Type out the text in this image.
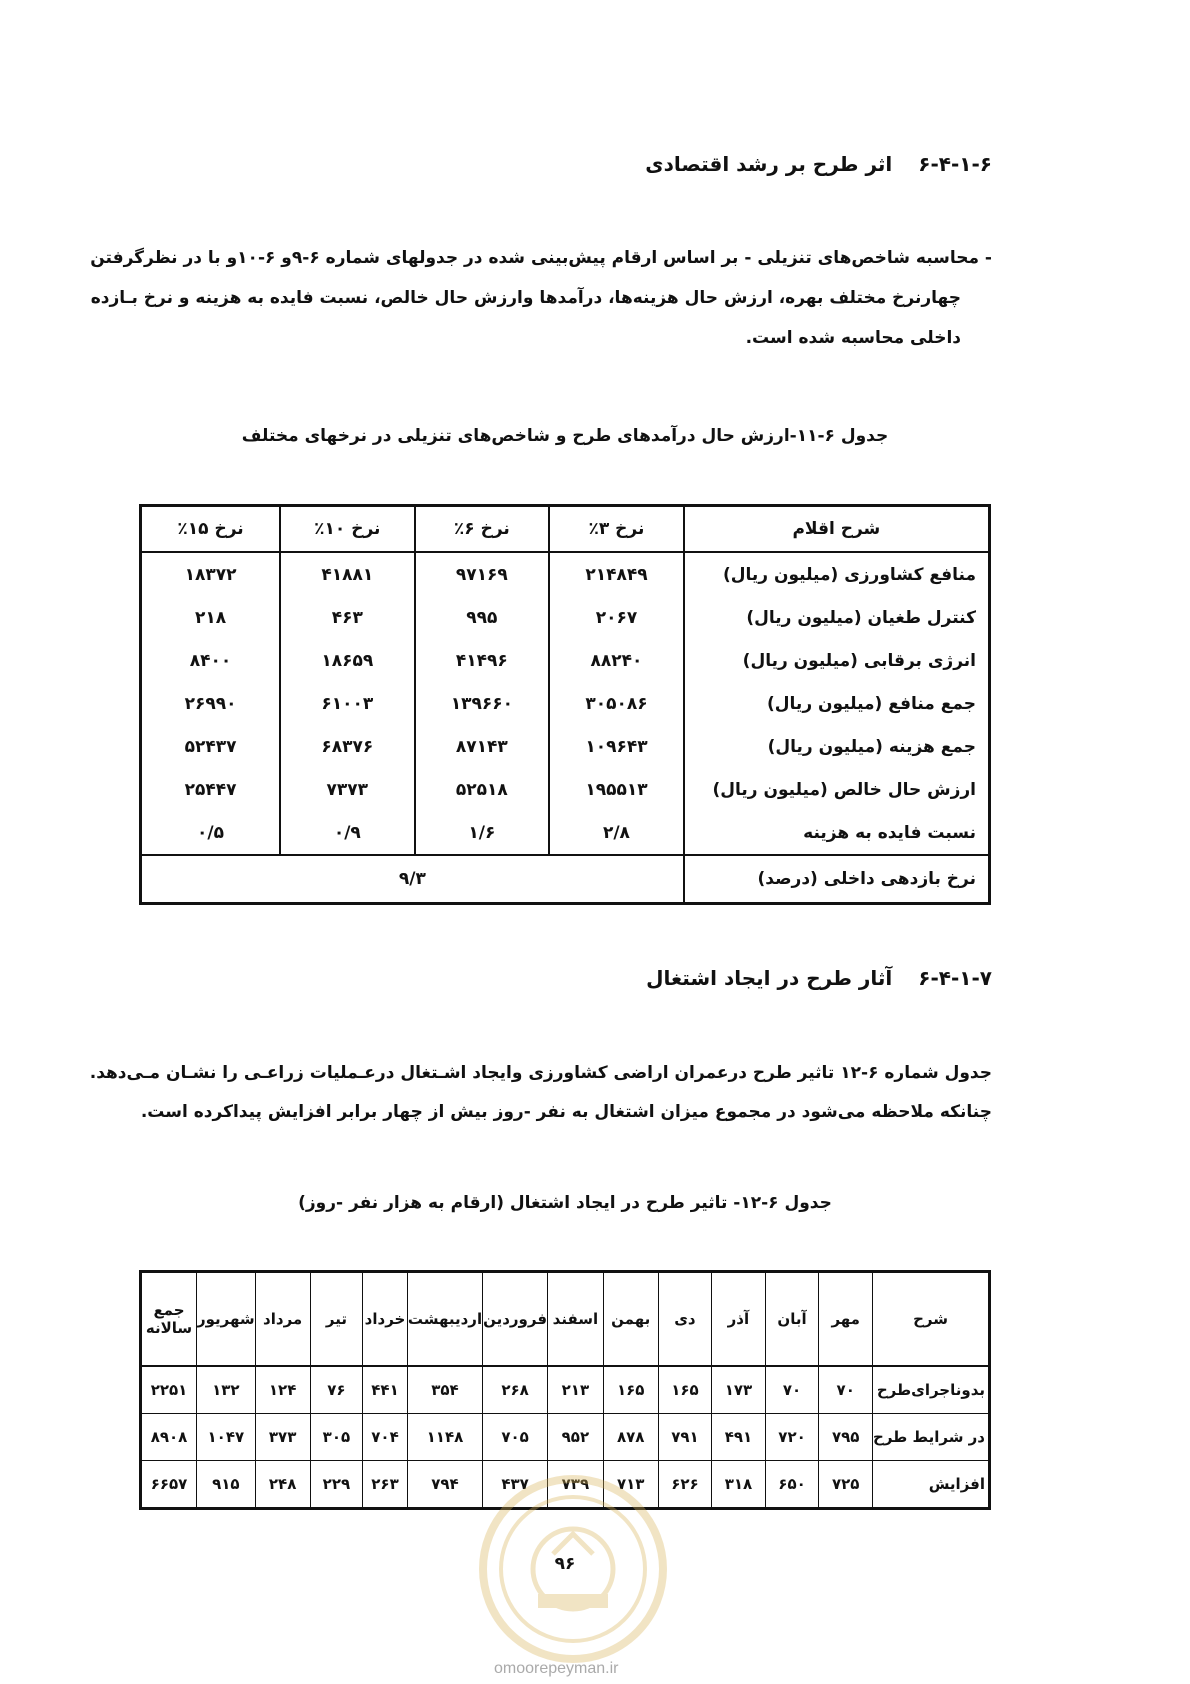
۶-۴-۱-۶اثر طرح بر رشد اقتصادی
- محاسبه شاخص‌های تنزیلی - بر اساس ارقام پیش‌بینی شده در جدولهای شماره ۶-۹و ۶-۱۰و با در نظرگرفتن

چهارنرخ مختلف بهره، ارزش حال هزینه‌ها، درآمدها وارزش حال خالص، نسبت فایده به هزینه و نرخ بـازده
داخلی محاسبه شده است.
جدول ۶-۱۱-ارزش حال درآمدهای طرح و شاخص‌های تنزیلی در نرخهای مختلف
شرح اقلام	نرخ ۳٪	نرخ ۶٪	نرخ ۱۰٪	نرخ ۱۵٪
منافع کشاورزی (میلیون ریال)	۲۱۴۸۴۹	۹۷۱۶۹	۴۱۸۸۱	۱۸۳۷۲
کنترل طغیان (میلیون ریال)	۲۰۶۷	۹۹۵	۴۶۳	۲۱۸
انرژی برقابی (میلیون ریال)	۸۸۲۴۰	۴۱۴۹۶	۱۸۶۵۹	۸۴۰۰
جمع منافع (میلیون ریال)	۳۰۵۰۸۶	۱۳۹۶۶۰	۶۱۰۰۳	۲۶۹۹۰
جمع هزینه (میلیون ریال)	۱۰۹۶۴۳	۸۷۱۴۳	۶۸۳۷۶	۵۲۴۳۷
ارزش حال خالص (میلیون ریال)	۱۹۵۵۱۳	۵۲۵۱۸	۷۳۷۳	۲۵۴۴۷
نسبت فایده به هزینه	۲/۸	۱/۶	۰/۹	۰/۵
نرخ بازدهی داخلی (درصد)	۹/۳			
۶-۴-۱-۷آثار طرح در ایجاد اشتغال
جدول شماره ۶-۱۲ تاثیر طرح درعمران اراضی کشاورزی وایجاد اشـتغال درعـملیات زراعـی را نشـان مـی‌دهد.
چنانکه ملاحظه می‌شود در مجموع میزان اشتغال به نفر -روز بیش از چهار برابر افزایش پیداکرده است.
جدول ۶-۱۲- تاثیر طرح در ایجاد اشتغال (ارقام به هزار نفر -روز)
شرح	مهر	آبان	آذر	دی	بهمن	اسفند	فروردین	اردیبهشت	خرداد	تیر	مرداد	شهریور	جمع سالانه
بدوناجرای‌طرح	۷۰	۷۰	۱۷۳	۱۶۵	۱۶۵	۲۱۳	۲۶۸	۳۵۴	۴۴۱	۷۶	۱۲۴	۱۳۲	۲۲۵۱
در شرایط طرح	۷۹۵	۷۲۰	۴۹۱	۷۹۱	۸۷۸	۹۵۲	۷۰۵	۱۱۴۸	۷۰۴	۳۰۵	۳۷۳	۱۰۴۷	۸۹۰۸
افزایش	۷۲۵	۶۵۰	۳۱۸	۶۲۶	۷۱۳	۷۳۹	۴۳۷	۷۹۴	۲۶۳	۲۲۹	۲۴۸	۹۱۵	۶۶۵۷
۹۶
omoorepeyman.ir
